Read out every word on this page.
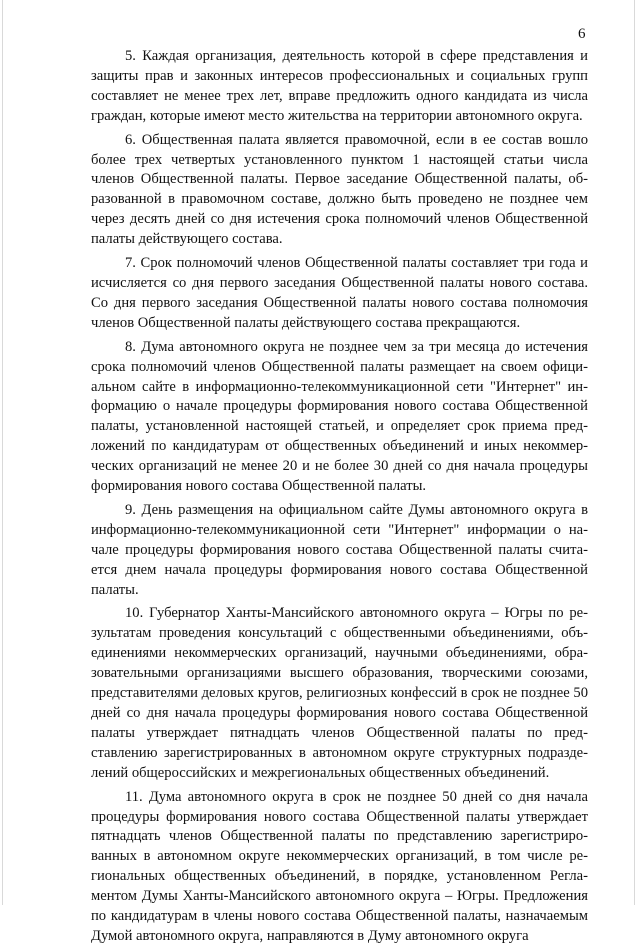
6

5. Каждая организация, деятельность которой в сфере представления и защиты прав и законных интересов профессиональных и социальных групп составляет не менее трех лет, вправе предложить одного кандидата из числа граждан, которые имеют место жительства на территории автономного округа.

6. Общественная палата является правомочной, если в ее состав вошло более трех четвертых установленного пунктом 1 настоящей статьи числа членов Общественной палаты. Первое заседание Общественной палаты, образованной в правомочном составе, должно быть проведено не позднее чем через десять дней со дня истечения срока полномочий членов Общественной палаты действующего состава.

7. Срок полномочий членов Общественной палаты составляет три года и исчисляется со дня первого заседания Общественной палаты нового состава. Со дня первого заседания Общественной палаты нового состава полномочия членов Общественной палаты действующего состава прекращаются.

8. Дума автономного округа не позднее чем за три месяца до истечения срока полномочий членов Общественной палаты размещает на своем официальном сайте в информационно-телекоммуникационной сети "Интернет" информацию о начале процедуры формирования нового состава Общественной палаты, установленной настоящей статьей, и определяет срок приема предложений по кандидатурам от общественных объединений и иных некоммерческих организаций не менее 20 и не более 30 дней со дня начала процедуры формирования нового состава Общественной палаты.

9. День размещения на официальном сайте Думы автономного округа в информационно-телекоммуникационной сети "Интернет" информации о начале процедуры формирования нового состава Общественной палаты считается днем начала процедуры формирования нового состава Общественной палаты.

10. Губернатор Ханты-Мансийского автономного округа – Югры по результатам проведения консультаций с общественными объединениями, объединениями некоммерческих организаций, научными объединениями, образовательными организациями высшего образования, творческими союзами, представителями деловых кругов, религиозных конфессий в срок не позднее 50 дней со дня начала процедуры формирования нового состава Общественной палаты утверждает пятнадцать членов Общественной палаты по представлению зарегистрированных в автономном округе структурных подразделений общероссийских и межрегиональных общественных объединений.

11. Дума автономного округа в срок не позднее 50 дней со дня начала процедуры формирования нового состава Общественной палаты утверждает пятнадцать членов Общественной палаты по представлению зарегистрированных в автономном округе некоммерческих организаций, в том числе региональных общественных объединений, в порядке, установленном Регламентом Думы Ханты-Мансийского автономного округа – Югры. Предложения по кандидатурам в члены нового состава Общественной палаты, назначаемым Думой автономного округа, направляются в Думу автономного округа
